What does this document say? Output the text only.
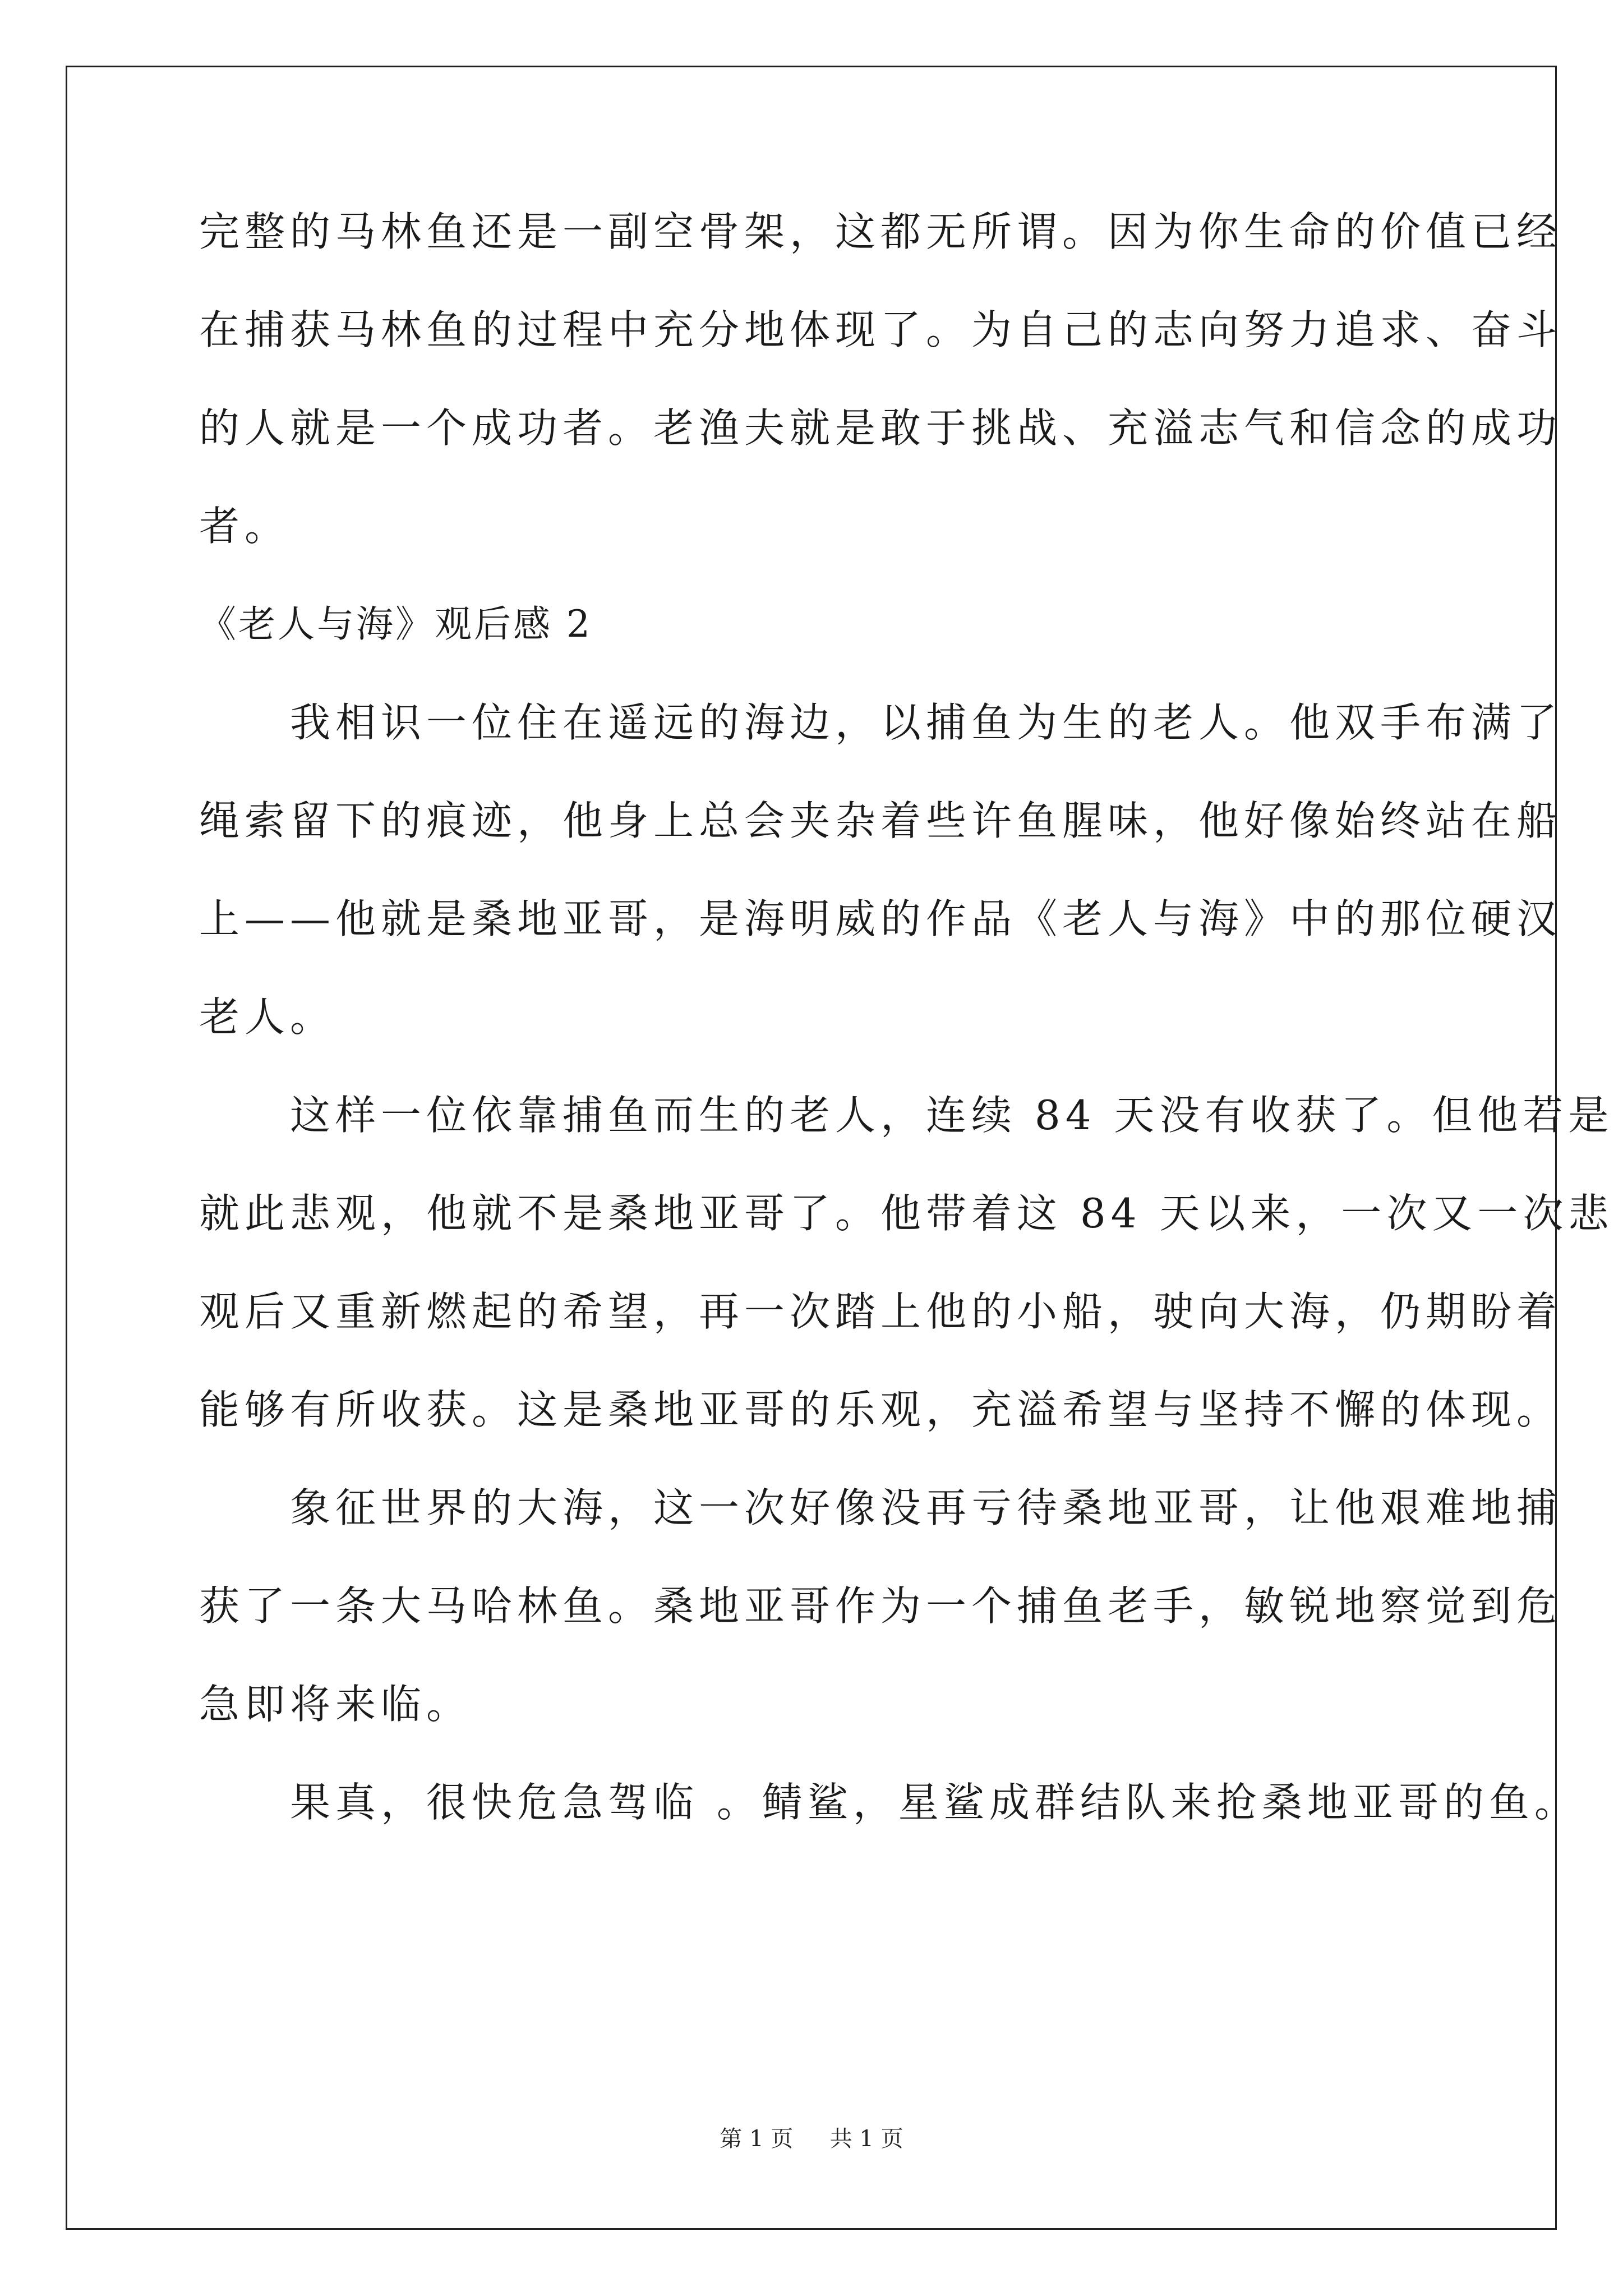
完整的马林鱼还是一副空骨架，这都无所谓。因为你生命的价值已经
在捕获马林鱼的过程中充分地体现了。为自己的志向努力追求、奋斗
的人就是一个成功者。老渔夫就是敢于挑战、充溢志气和信念的成功
者。
《老人与海》观后感 2
　　我相识一位住在遥远的海边，以捕鱼为生的老人。他双手布满了
绳索留下的痕迹，他身上总会夹杂着些许鱼腥味，他好像始终站在船
上——他就是桑地亚哥，是海明威的作品《老人与海》中的那位硬汉
老人。
　　这样一位依靠捕鱼而生的老人，连续 84 天没有收获了。但他若是
就此悲观，他就不是桑地亚哥了。他带着这 84 天以来，一次又一次悲
观后又重新燃起的希望，再一次踏上他的小船，驶向大海，仍期盼着
能够有所收获。这是桑地亚哥的乐观，充溢希望与坚持不懈的体现。
　　象征世界的大海，这一次好像没再亏待桑地亚哥，让他艰难地捕
获了一条大马哈林鱼。桑地亚哥作为一个捕鱼老手，敏锐地察觉到危
急即将来临。
　　果真，很快危急驾临 。鲭鲨，星鲨成群结队来抢桑地亚哥的鱼。
第 1 页 共 1 页
